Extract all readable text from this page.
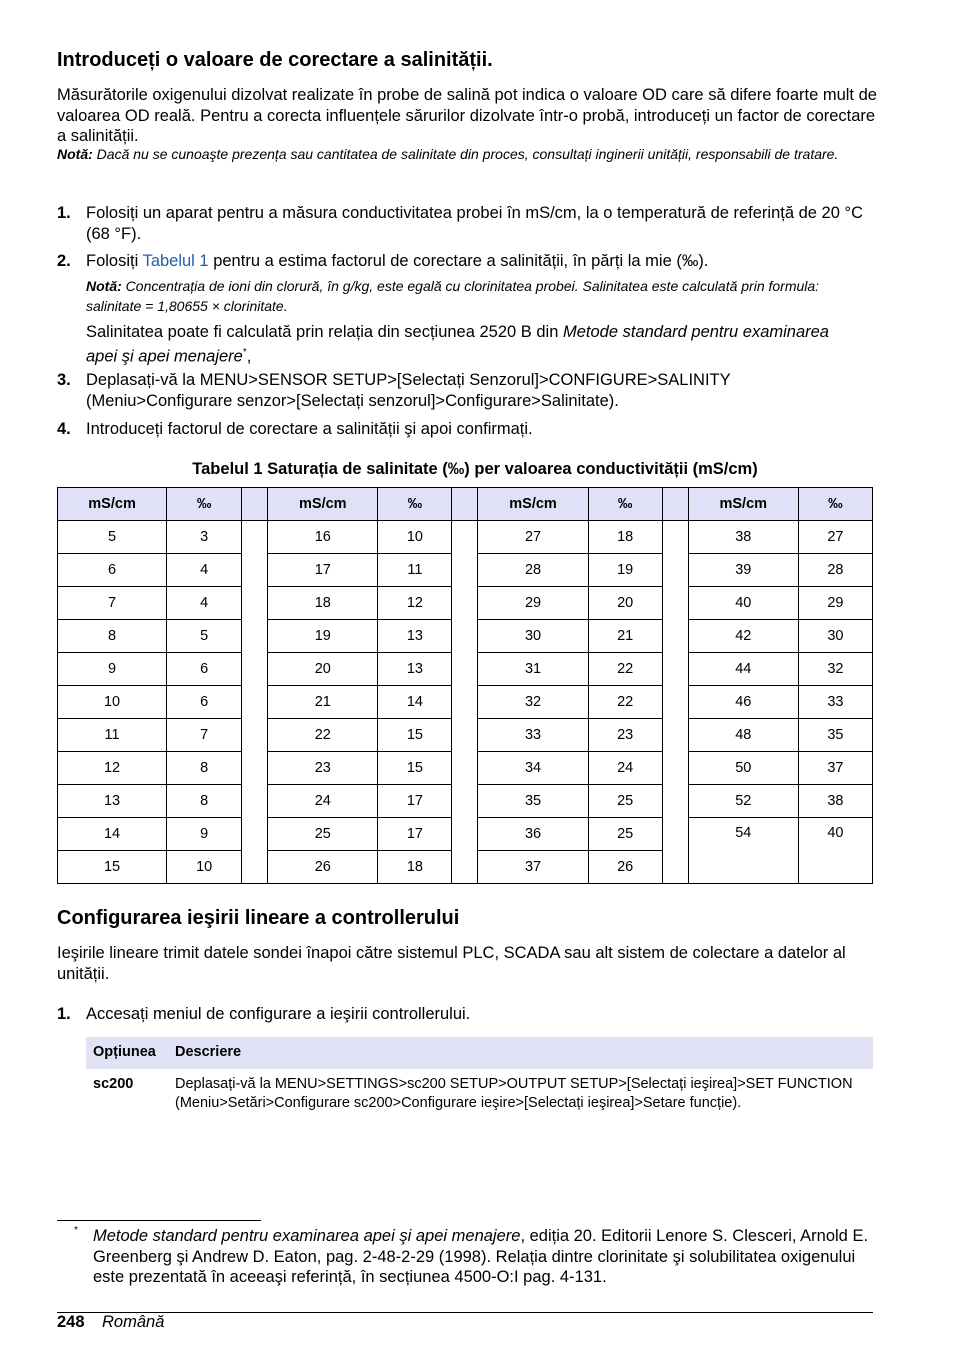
Introduceți o valoare de corectare a salinității.
Măsurătorile oxigenului dizolvat realizate în probe de salină pot indica o valoare OD care să difere foarte mult de valoarea OD reală. Pentru a corecta influențele sărurilor dizolvate într-o probă, introduceți un factor de corectare a salinității.
Notă: Dacă nu se cunoaşte prezența sau cantitatea de salinitate din proces, consultați inginerii unității, responsabili de tratare.
1. Folosiți un aparat pentru a măsura conductivitatea probei în mS/cm, la o temperatură de referință de 20 °C (68 °F).
2. Folosiți Tabelul 1 pentru a estima factorul de corectare a salinității, în părți la mie (‰).
Notă: Concentrația de ioni din clorură, în g/kg, este egală cu clorinitatea probei. Salinitatea este calculată prin formula: salinitate = 1,80655 × clorinitate.
Salinitatea poate fi calculată prin relația din secțiunea 2520 B din Metode standard pentru examinarea apei şi apei menajere*,
3. Deplasați-vă la MENU>SENSOR SETUP>[Selectați Senzorul]>CONFIGURE>SALINITY (Meniu>Configurare senzor>[Selectați senzorul]>Configurare>Salinitate).
4. Introduceți factorul de corectare a salinității şi apoi confirmați.
Tabelul 1 Saturația de salinitate (‰) per valoarea conductivității (mS/cm)
mS/cm	‰		mS/cm	‰		mS/cm	‰		mS/cm	‰
5	3		16	10		27	18		38	27
6	4		17	11		28	19		39	28
7	4		18	12		29	20		40	29
8	5		19	13		30	21		42	30
9	6		20	13		31	22		44	32
10	6		21	14		32	22		46	33
11	7		22	15		33	23		48	35
12	8		23	15		34	24		50	37
13	8		24	17		35	25		52	38
14	9		25	17		36	25		54	40
15	10		26	18		37	26			
Configurarea ieşirii lineare a controllerului
Ieşirile lineare trimit datele sondei înapoi către sistemul PLC, SCADA sau alt sistem de colectare a datelor al unității.
1. Accesați meniul de configurare a ieşirii controllerului.
Opțiunea Descriere
sc200	Deplasați-vă la MENU>SETTINGS>sc200 SETUP>OUTPUT SETUP>[Selectați ieşirea]>SET FUNCTION (Meniu>Setări>Configurare sc200>Configurare ieşire>[Selectați ieşirea]>Setare funcție).
* Metode standard pentru examinarea apei şi apei menajere, ediția 20. Editorii Lenore S. Clesceri, Arnold E. Greenberg şi Andrew D. Eaton, pag. 2-48-2-29 (1998). Relația dintre clorinitate şi solubilitatea oxigenului este prezentată în aceeaşi referință, în secțiunea 4500-O:I pag. 4-131.
248 Română
